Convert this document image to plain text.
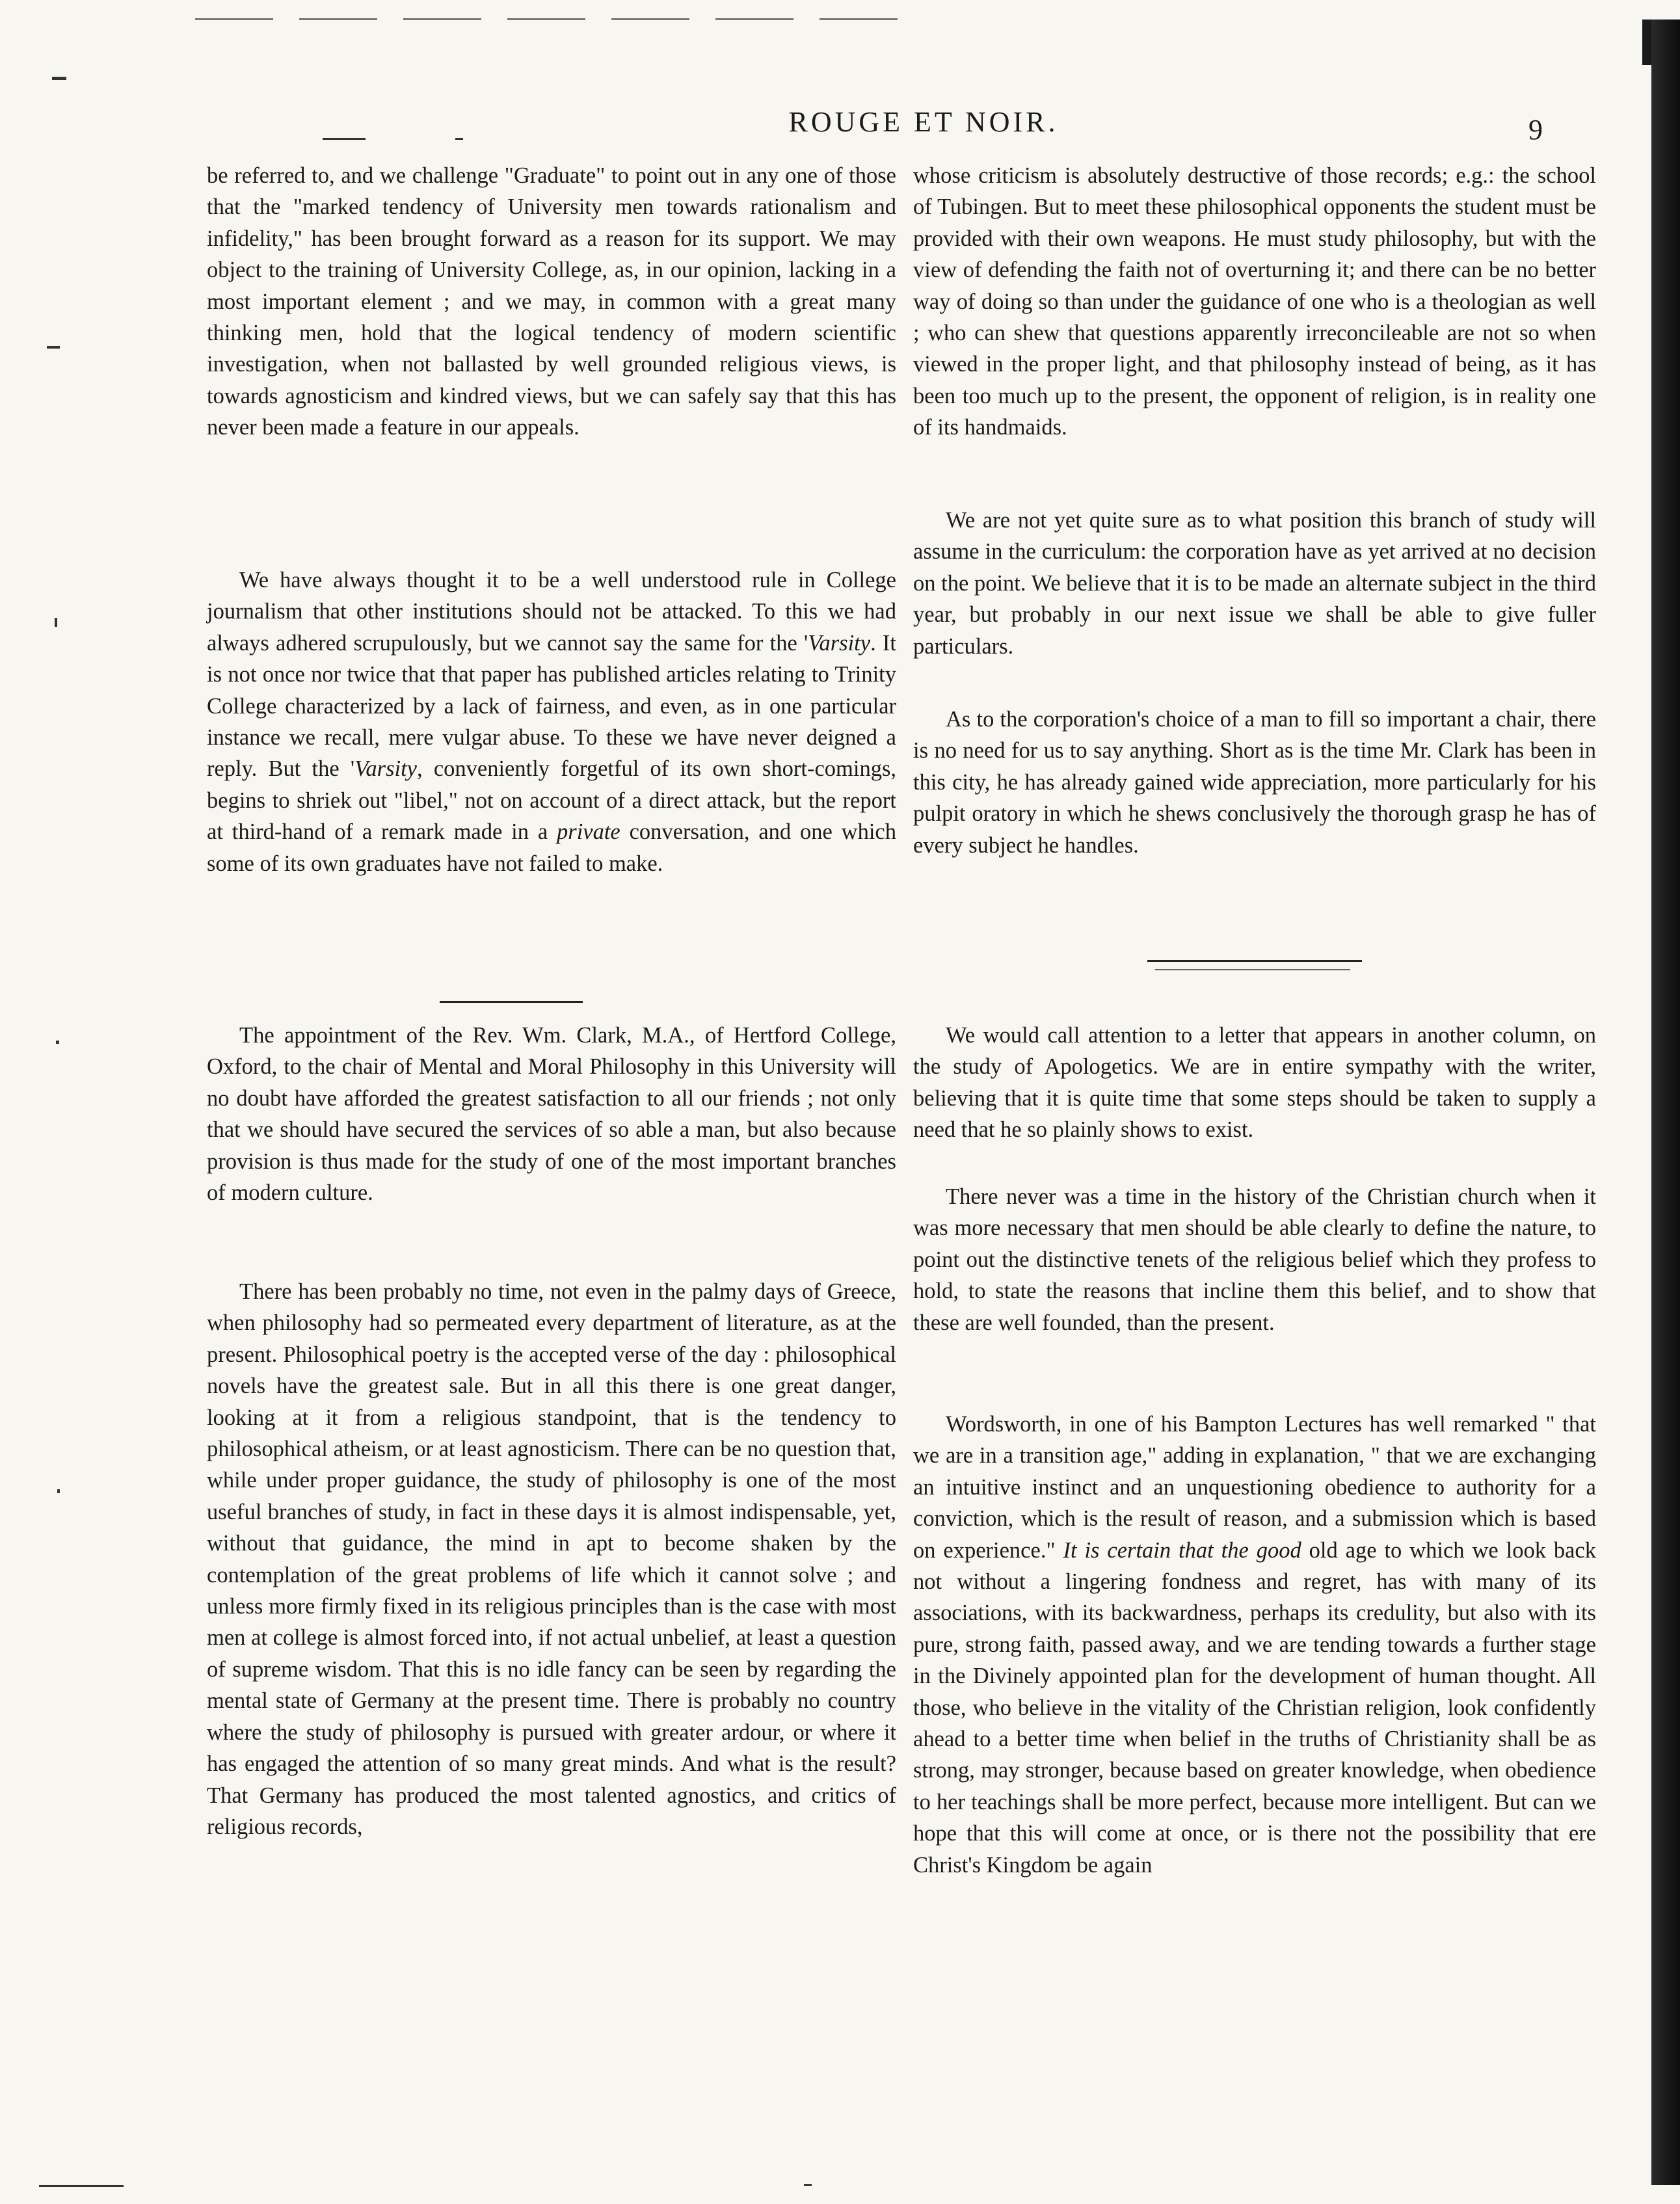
ROUGE ET NOIR.	9

be referred to, and we challenge "Graduate" to point out in any one of those that the "marked tendency of University men towards rationalism and infidelity," has been brought forward as a reason for its support. We may object to the training of University College, as, in our opinion, lacking in a most important element ; and we may, in common with a great many thinking men, hold that the logical tendency of modern scientific investigation, when not ballasted by well grounded religious views, is towards agnosticism and kindred views, but we can safely say that this has never been made a feature in our appeals.

We have always thought it to be a well understood rule in College journalism that other institutions should not be attacked. To this we had always adhered scrupulously, but we cannot say the same for the 'Varsity. It is not once nor twice that that paper has published articles relating to Trinity College characterized by a lack of fairness, and even, as in one particular instance we recall, mere vulgar abuse. To these we have never deigned a reply. But the 'Varsity, conveniently forgetful of its own short-comings, begins to shriek out "libel," not on account of a direct attack, but the report at third-hand of a remark made in a private conversation, and one which some of its own graduates have not failed to make.

The appointment of the Rev. Wm. Clark, M.A., of Hertford College, Oxford, to the chair of Mental and Moral Philosophy in this University will no doubt have afforded the greatest satisfaction to all our friends ; not only that we should have secured the services of so able a man, but also because provision is thus made for the study of one of the most important branches of modern culture.

There has been probably no time, not even in the palmy days of Greece, when philosophy had so permeated every department of literature, as at the present. Philosophical poetry is the accepted verse of the day : philosophical novels have the greatest sale. But in all this there is one great danger, looking at it from a religious standpoint, that is the tendency to philosophical atheism, or at least agnosticism. There can be no question that, while under proper guidance, the study of philosophy is one of the most useful branches of study, in fact in these days it is almost indispensable, yet, without that guidance, the mind in apt to become shaken by the contemplation of the great problems of life which it cannot solve ; and unless more firmly fixed in its religious principles than is the case with most men at college is almost forced into, if not actual unbelief, at least a question of supreme wisdom. That this is no idle fancy can be seen by regarding the mental state of Germany at the present time. There is probably no country where the study of philosophy is pursued with greater ardour, or where it has engaged the attention of so many great minds. And what is the result? That Germany has produced the most talented agnostics, and critics of religious records,

whose criticism is absolutely destructive of those records; e.g.: the school of Tubingen. But to meet these philosophical opponents the student must be provided with their own weapons. He must study philosophy, but with the view of defending the faith not of overturning it; and there can be no better way of doing so than under the guidance of one who is a theologian as well ; who can shew that questions apparently irreconcileable are not so when viewed in the proper light, and that philosophy instead of being, as it has been too much up to the present, the opponent of religion, is in reality one of its handmaids.

We are not yet quite sure as to what position this branch of study will assume in the curriculum: the corporation have as yet arrived at no decision on the point. We believe that it is to be made an alternate subject in the third year, but probably in our next issue we shall be able to give fuller particulars.

As to the corporation's choice of a man to fill so important a chair, there is no need for us to say anything. Short as is the time Mr. Clark has been in this city, he has already gained wide appreciation, more particularly for his pulpit oratory in which he shews conclusively the thorough grasp he has of every subject he handles.

We would call attention to a letter that appears in another column, on the study of Apologetics. We are in entire sympathy with the writer, believing that it is quite time that some steps should be taken to supply a need that he so plainly shows to exist.

There never was a time in the history of the Christian church when it was more necessary that men should be able clearly to define the nature, to point out the distinctive tenets of the religious belief which they profess to hold, to state the reasons that incline them this belief, and to show that these are well founded, than the present.

Wordsworth, in one of his Bampton Lectures has well remarked " that we are in a transition age," adding in explanation, " that we are exchanging an intuitive instinct and an unquestioning obedience to authority for a conviction, which is the result of reason, and a submission which is based on experience." It is certain that the good old age to which we look back not without a lingering fondness and regret, has with many of its associations, with its backwardness, perhaps its credulity, but also with its pure, strong faith, passed away, and we are tending towards a further stage in the Divinely appointed plan for the development of human thought. All those, who believe in the vitality of the Christian religion, look confidently ahead to a better time when belief in the truths of Christianity shall be as strong, may stronger, because based on greater knowledge, when obedience to her teachings shall be more perfect, because more intelligent. But can we hope that this will come at once, or is there not the possibility that ere Christ's Kingdom be again
